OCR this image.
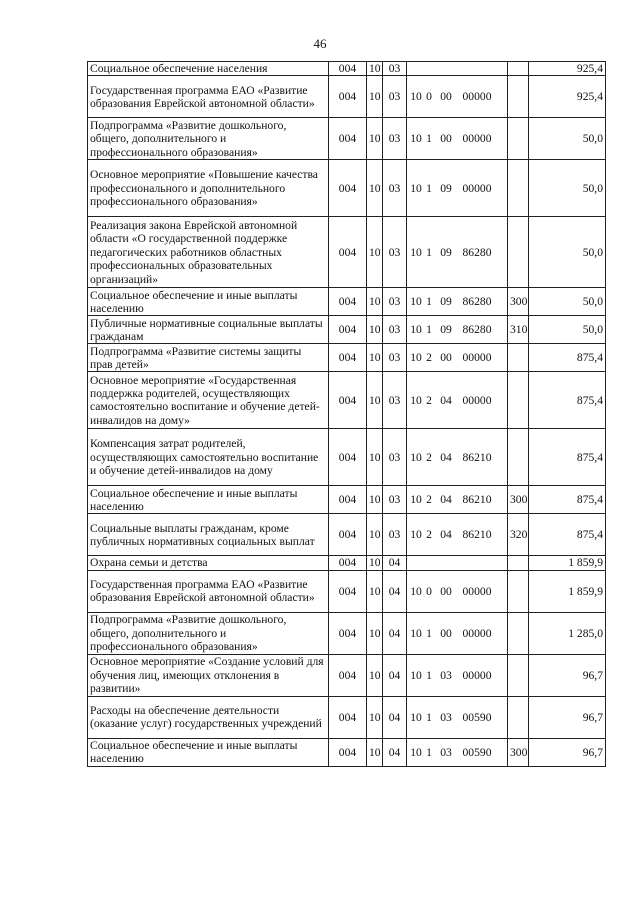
46
Социальное обеспечение населения	004	10	03			925,4
Государственная программа ЕАО «Развитие образования Еврейской автономной области»	004	10	03	10 0 00 00000		925,4
Подпрограмма «Развитие дошкольного, общего, дополнительного и профессионального образования»	004	10	03	10 1 00 00000		50,0
Основное мероприятие «Повышение качества профессионального и дополнительного профессионального образования»	004	10	03	10 1 09 00000		50,0
Реализация закона Еврейской автономной области «О государственной поддержке педагогических работников областных профессиональных образовательных организаций»	004	10	03	10 1 09 86280		50,0
Социальное обеспечение и иные выплаты населению	004	10	03	10 1 09 86280	300	50,0
Публичные нормативные социальные выплаты гражданам	004	10	03	10 1 09 86280	310	50,0
Подпрограмма «Развитие системы защиты прав детей»	004	10	03	10 2 00 00000		875,4
Основное мероприятие «Государственная поддержка родителей, осуществляющих самостоятельно воспитание и обучение детей-инвалидов на дому»	004	10	03	10 2 04 00000		875,4
Компенсация затрат родителей, осуществляющих самостоятельно воспитание и обучение детей-инвалидов на дому	004	10	03	10 2 04 86210		875,4
Социальное обеспечение и иные выплаты населению	004	10	03	10 2 04 86210	300	875,4
Социальные выплаты гражданам, кроме публичных нормативных социальных выплат	004	10	03	10 2 04 86210	320	875,4
Охрана семьи и детства	004	10	04			1 859,9
Государственная программа ЕАО «Развитие образования Еврейской автономной области»	004	10	04	10 0 00 00000		1 859,9
Подпрограмма «Развитие дошкольного, общего, дополнительного и профессионального образования»	004	10	04	10 1 00 00000		1 285,0
Основное мероприятие «Создание условий для обучения лиц, имеющих отклонения в развитии»	004	10	04	10 1 03 00000		96,7
Расходы на обеспечение деятельности (оказание услуг) государственных учреждений	004	10	04	10 1 03 00590		96,7
Социальное обеспечение и иные выплаты населению	004	10	04	10 1 03 00590	300	96,7
